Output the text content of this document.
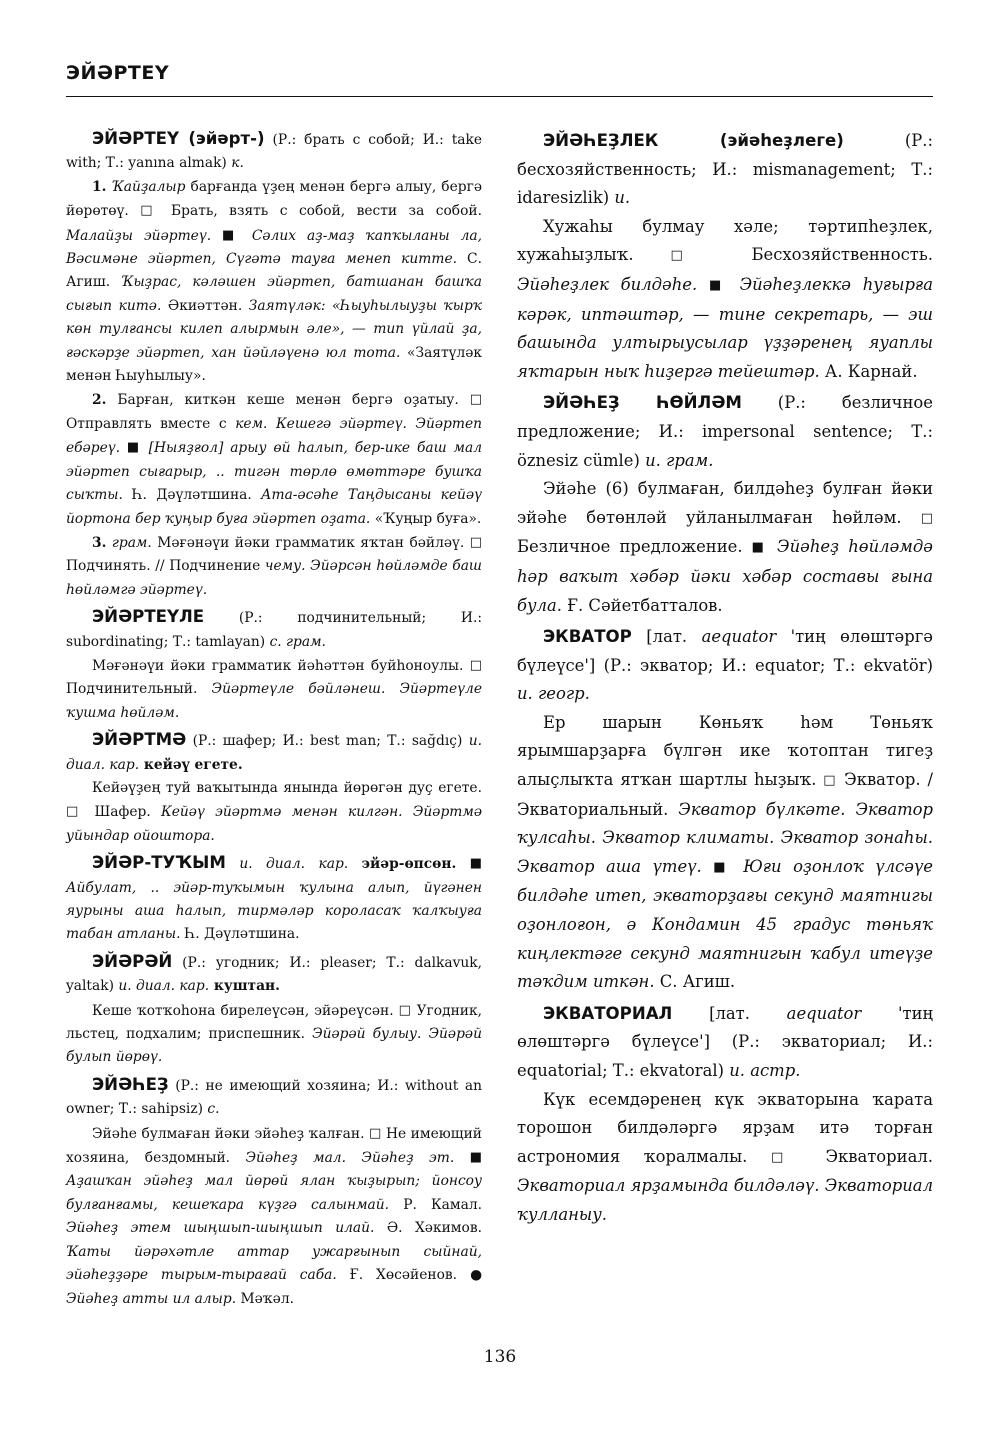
ЭЙӘРТЕҮ

ЭЙӘРТЕҮ (эйәрт-) (Р.: брать с собой; И.: take with; Т.: yanına almak) к.

1. Ҡайҙалыр барғанда үҙең менән бергә алыу, бергә йөрөтөү. □ Брать, взять с собой, вести за собой. Малайҙы эйәртеү. ■ Сәлих аҙ-маҙ ҡапҡыланы ла, Вәсимәне эйәртеп, Сүгәтә тауға менеп китте. С. Агиш. Ҡыҙрас, кәләшен эйәртеп, батшанан башҡа сығып китә. Әкиәттән. Заятүләк: «Һыуһылыуҙы ҡырҡ көн тулғансы килеп алырмын әле», — тип үйлай ҙа, ғәскәрҙе эйәртеп, хан йәйләүенә юл тота. «Заятүләк менән Һыуһылыу».

2. Барған, киткән кеше менән бергә оҙатыу. □ Отправлять вместе с кем. Кешегә эйәртеү. Эйәртеп ебәреү. ■ [Ныяҙғол] арыу өй һалып, бер-ике баш мал эйәртеп сығарыр, .. тигән төрлө өмөттәре бушҡа сыҡты. Һ. Дәүләтшина. Ата-әсәһе Таңдысаны кейәү йортона бер ҡуңыр буға эйәртеп оҙата. «Ҡуңыр буға».

3. грам. Мәғәнәүи йәки грамматик яҡтан бәйләү. □ Подчинять. // Подчинение чему. Эйәрсән һөйләмде баш һөйләмгә эйәртеү.

ЭЙӘРТЕҮЛЕ (Р.: подчинительный; И.: subordinating; Т.: tamlayan) с. грам.

Мәғәнәүи йәки грамматик йәһәттән буйһоноулы. □ Подчинительный. Эйәртеүле бәйләнеш. Эйәртеүле ҡушма һөйләм.

ЭЙӘРТМӘ (Р.: шафер; И.: best man; Т.: sağdıç) и. диал. кар. кейәү егете.

Кейәүҙең туй ваҡытында янында йөрөгән дуҫ егете. □ Шафер. Кейәү эйәртмә менән килгән. Эйәртмә уйындар ойоштора.

ЭЙӘР-ТУҠЫМ и. диал. кар. эйәр-өпсөн. ■ Айбулат, .. эйәр-туҡымын ҡулына алып, йүгәнен яурыны аша һалып, тирмәләр короласаҡ ҡалҡыуға табан атланы. Һ. Дәүләтшина.

ЭЙӘРӘЙ (Р.: угодник; И.: pleaser; Т.: dalkavuk, yaltak) и. диал. кар. куштан.

Кеше ҡотҡоһона бирелеүсән, эйәреүсән. □ Угодник, льстец, подхалим; приспешник. Эйәрәй булыу. Эйәрәй булып йөрөү.

ЭЙӘҺЕҘ (Р.: не имеющий хозяина; И.: without an owner; Т.: sahipsiz) с.

Эйәһе булмаған йәки эйәһеҙ ҡалған. □ Не имеющий хозяина, бездомный. Эйәһеҙ мал. Эйәһеҙ эт. ■ Аҙашҡан эйәһеҙ мал йөрөй ялан ҡыҙырып; йонсоу булғанғамы, кешеҡара күҙгә салынмай. Р. Камал. Эйәһеҙ этем шыңшып-шыңшып илай. Ә. Хәкимов. Ҡаты йәрәхәтле аттар ужарғынып сыйнай, эйәһеҙҙәре тырым-тырағай саба. Ғ. Хөсәйенов. ● Эйәһеҙ атты ил алыр. Мәҡәл.

ЭЙӘҺЕҘЛЕК (эйәһеҙлеге) (Р.: бесхозяйственность; И.: mismanagement; Т.: idaresizlik) и.

Хужаһы булмау хәле; тәртипһеҙлек, хужаһыҙлыҡ. □ Бесхозяйственность. Эйәһеҙлек билдәһе. ■ Эйәһеҙлеккә һуғырға кәрәк, иптәштәр, — тине секретарь, — эш башында ултырыусылар үҙҙәренең яуаплы яҡтарын ныҡ һиҙергә тейештәр. А. Карнай.

ЭЙӘҺЕҘ ҺӨЙЛӘМ (Р.: безличное предложение; И.: impersonal sentence; Т.: öznesiz cümle) и. грам.

Эйәһе (6) булмаған, билдәһеҙ булған йәки эйәһе бөтөнләй уйланылмаған һөйләм. □ Безличное предложение. ■ Эйәһеҙ һөйләмдә һәр ваҡыт хәбәр йәки хәбәр составы ғына була. Ғ. Сәйетбатталов.

ЭКВАТОР [лат. aequator 'тиң өлөштәргә бүлеүсе'] (Р.: экватор; И.: equator; Т.: ekvatör) и. геогр.

Ер шарын Көньяҡ һәм Төньяҡ ярымшарҙарға бүлгән ике ҡотоптан тигеҙ алыҫлыҡта ятҡан шартлы һыҙыҡ. □ Экватор. / Экваториальный. Экватор бүлкәте. Экватор ҡулсаһы. Экватор климаты. Экватор зонаһы. Экватор аша үтеү. ■ Юғи оҙонлоҡ үлсәүе билдәһе итеп, экваторҙағы секунд маятнигы оҙонлоғон, ә Кондамин 45 градус төньяҡ киңлектәге секунд маятнигын ҡабул итеүҙе тәҡдим иткән. С. Агиш.

ЭКВАТОРИАЛ [лат. aequator 'тиң өлөштәргә бүлеүсе'] (Р.: экваториал; И.: equatorial; Т.: ekvatoral) и. астр.

Күк есемдәренең күк экваторына ҡарата торошон билдәләргә ярҙам итә торған астрономия ҡоралмалы. □ Экваториал. Экваториал ярҙамында билдәләү. Экваториал ҡулланыу.

136
